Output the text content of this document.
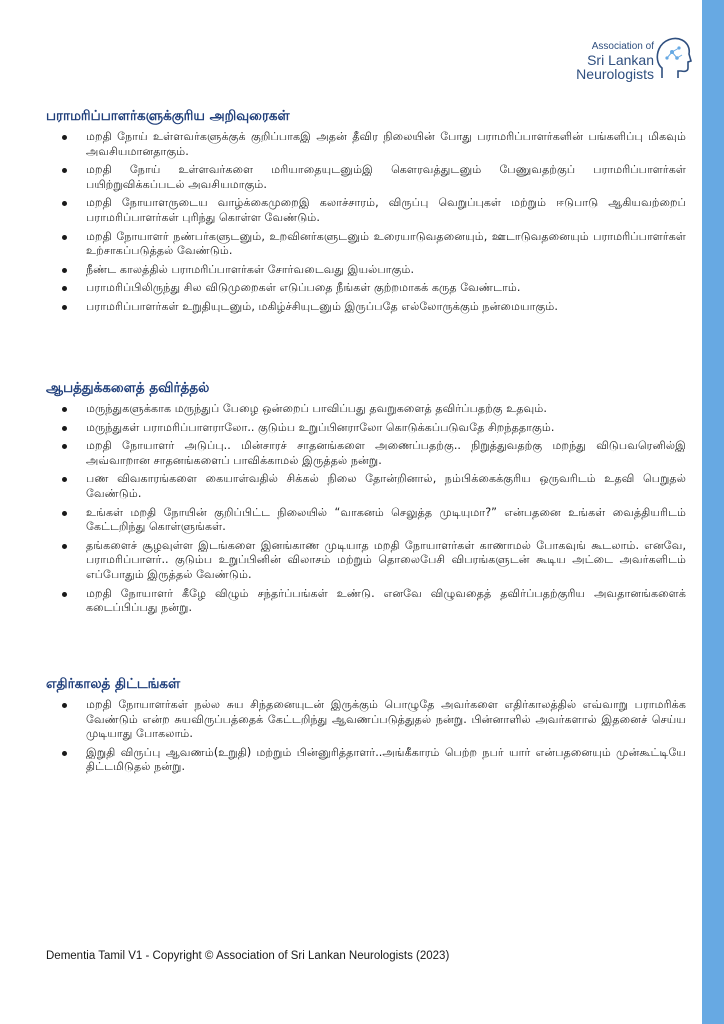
Association of
Sri Lankan
Neurologists
பராமரிப்பாளர்களுக்குரிய அறிவுரைகள்
மறதி நோய் உள்ளவர்களுக்குக் குறிப்பாகஇ அதன் தீவிர நிலையின் போது பராமரிப்பாளர்களின் பங்களிப்பு மிகவும் அவசியமானதாகும்.
மறதி நோய் உள்ளவர்களை மரியாதையுடனும்இ கௌரவத்துடனும் பேணுவதற்குப் பராமரிப்பாளர்கள் பயிற்றுவிக்கப்படல் அவசியமாகும்.
மறதி நோயாளருடைய வாழ்க்கைமுறைஇ கலாச்சாரம், விருப்பு வெறுப்புகள் மற்றும் ஈடுபாடு ஆகியவற்றைப் பராமரிப்பாளர்கள் புரிந்து கொள்ள வேண்டும்.
மறதி நோயாளர் நண்பர்களுடனும், உறவினர்களுடனும் உரையாடுவதனையும், ஊடாடுவதனையும் பராமரிப்பாளர்கள் உற்சாகப்படுத்தல் வேண்டும்.
நீண்ட காலத்தில் பராமரிப்பாளர்கள் சோர்வடைவது இயல்பாகும்.
பராமரிப்பிலிருந்து சில விடுமுறைகள் எடுப்பதை நீங்கள் குற்றமாகக் கருத வேண்டாம்.
பராமரிப்பாளர்கள் உறுதியுடனும், மகிழ்ச்சியுடனும் இருப்பதே எல்லோருக்கும் நன்மையாகும்.
ஆபத்துக்களைத் தவிர்த்தல்
மருந்துகளுக்காக மருந்துப் பேழை ஒன்றைப் பாவிப்பது தவறுகளைத் தவிர்ப்பதற்கு உதவும்.
மருந்துகள் பராமரிப்பாளராலோ.. குடும்ப உறுப்பினராலோ கொடுக்கப்படுவதே சிறந்ததாகும்.
மறதி நோயாளர் அடுப்பு.. மின்சாரச் சாதனங்களை அணைப்பதற்கு.. நிறுத்துவதற்கு மறந்து விடுபவரெனில்இ அவ்வாறான சாதனங்களைப் பாவிக்காமல் இருத்தல் நன்று.
பண விவகாரங்களை கையாள்வதில் சிக்கல் நிலை தோன்றினால், நம்பிக்கைக்குரிய ஒருவரிடம் உதவி பெறுதல் வேண்டும்.
உங்கள் மறதி நோயின் குறிப்பிட்ட நிலையில் “வாகனம் செலுத்த முடியுமா?” என்பதனை உங்கள் வைத்தியரிடம் கேட்டறிந்து கொள்ளுங்கள்.
தங்களைச் சூழவுள்ள இடங்களை இனங்காண முடியாத மறதி நோயாளர்கள் காணாமல் போகவுங் கூடலாம். எனவே, பராமரிப்பாளர்.. குடும்ப உறுப்பினின் விலாசம் மற்றும் தொலைபேசி விபரங்களுடன் கூடிய அட்டை அவர்களிடம் எப்போதும் இருத்தல் வேண்டும்.
மறதி நோயாளர் கீழே விழும் சந்தர்ப்பங்கள் உண்டு. எனவே விழுவதைத் தவிர்ப்பதற்குரிய அவதானங்களைக் கடைப்பிப்பது நன்று.
எதிர்காலத் திட்டங்கள்
மறதி நோயாளர்கள் நல்ல சுய சிந்தனையுடன் இருக்கும் பொழுதே அவர்களை எதிர்காலத்தில் எவ்வாறு பராமரிக்க வேண்டும் என்ற சுயவிருப்பத்தைக் கேட்டறிந்து ஆவணப்படுத்துதல் நன்று. பின்னாளில் அவர்களால் இதனைச் செய்ய முடியாது போகலாம்.
இறுதி விருப்பு ஆவணம்(உறுதி) மற்றும் பின்னுரித்தாளர்..அங்கீகாரம் பெற்ற நபர் யார் என்பதனையும் முன்கூட்டியே திட்டமிடுதல் நன்று.
Dementia Tamil V1 - Copyright © Association of Sri Lankan Neurologists (2023)
